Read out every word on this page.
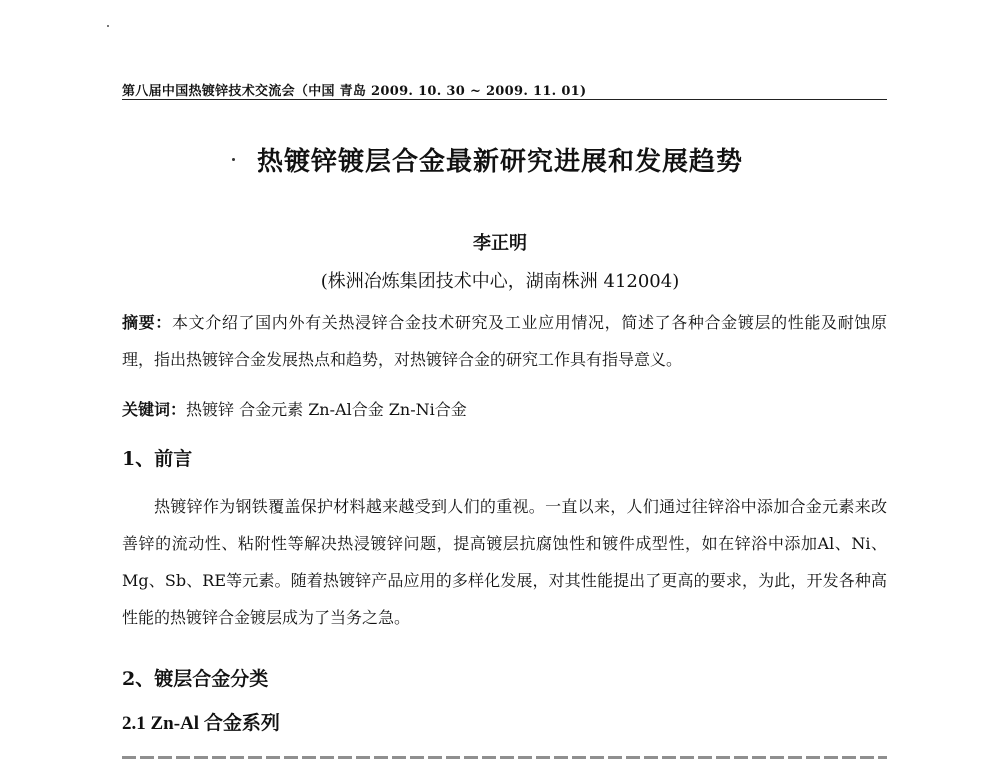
第八届中国热镀锌技术交流会（中国 青岛 2009. 10. 30 ~ 2009. 11. 01)
热镀锌镀层合金最新研究进展和发展趋势
李正明
(株洲冶炼集团技术中心，湖南株洲 412004)
摘要：本文介绍了国内外有关热浸锌合金技术研究及工业应用情况，简述了各种合金镀层的性能及耐蚀原理，指出热镀锌合金发展热点和趋势，对热镀锌合金的研究工作具有指导意义。
关键词：热镀锌 合金元素 Zn-Al合金 Zn-Ni合金
1、前言
热镀锌作为钢铁覆盖保护材料越来越受到人们的重视。一直以来，人们通过往锌浴中添加合金元素来改善锌的流动性、粘附性等解决热浸镀锌问题，提高镀层抗腐蚀性和镀件成型性，如在锌浴中添加Al、Ni、Mg、Sb、RE等元素。随着热镀锌产品应用的多样化发展，对其性能提出了更高的要求，为此，开发各种高性能的热镀锌合金镀层成为了当务之急。
2、镀层合金分类
2.1 Zn-Al 合金系列
